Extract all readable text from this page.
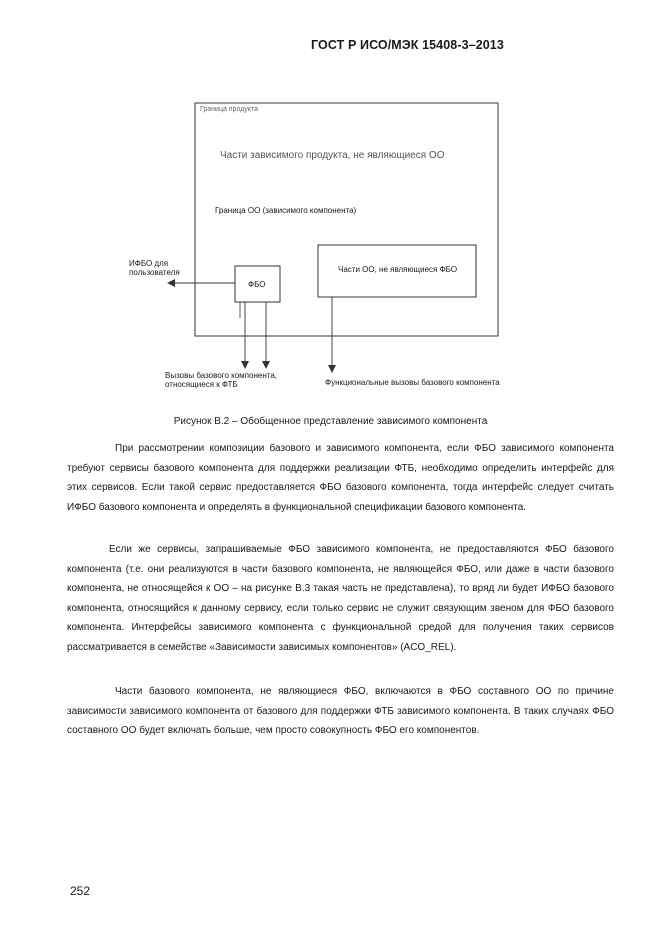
ГОСТ Р ИСО/МЭК 15408-3–2013
Граница продукта
Части зависимого продукта, не являющиеся ОО
Граница ОО (зависимого компонента)
ФБО
Части ОО, не являющиеся ФБО
ИФБО для
пользователя
Вызовы базового компонента,
относящиеся к ФТБ	Функциональные вызовы базового компонента
Рисунок В.2 – Обобщенное представление зависимого компонента

При рассмотрении композиции базового и зависимого компонента, если ФБО зависимого компонента требуют сервисы базового компонента для поддержки реализации ФТБ, необходимо определить интерфейс для этих сервисов. Если такой сервис предоставляется ФБО базового компонента, тогда интерфейс следует считать ИФБО базового компонента и определять в функциональной спецификации базового компонента.

Если же сервисы, запрашиваемые ФБО зависимого компонента, не предоставляются ФБО базового компонента (т.е. они реализуются в части базового компонента, не являющейся ФБО, или даже в части базового компонента, не относящейся к ОО – на рисунке В.3 такая часть не представлена), то вряд ли будет ИФБО базового компонента, относящийся к данному сервису, если только сервис не служит связующим звеном для ФБО базового компонента. Интерфейсы зависимого компонента с функциональной средой для получения таких сервисов рассматривается в семействе «Зависимости зависимых компонентов» (ACO_REL).

Части базового компонента, не являющиеся ФБО, включаются в ФБО составного ОО по причине зависимости зависимого компонента от базового для поддержки ФТБ зависимого компонента. В таких случаях ФБО составного ОО будет включать больше, чем просто совокупность ФБО его компонентов.

252
